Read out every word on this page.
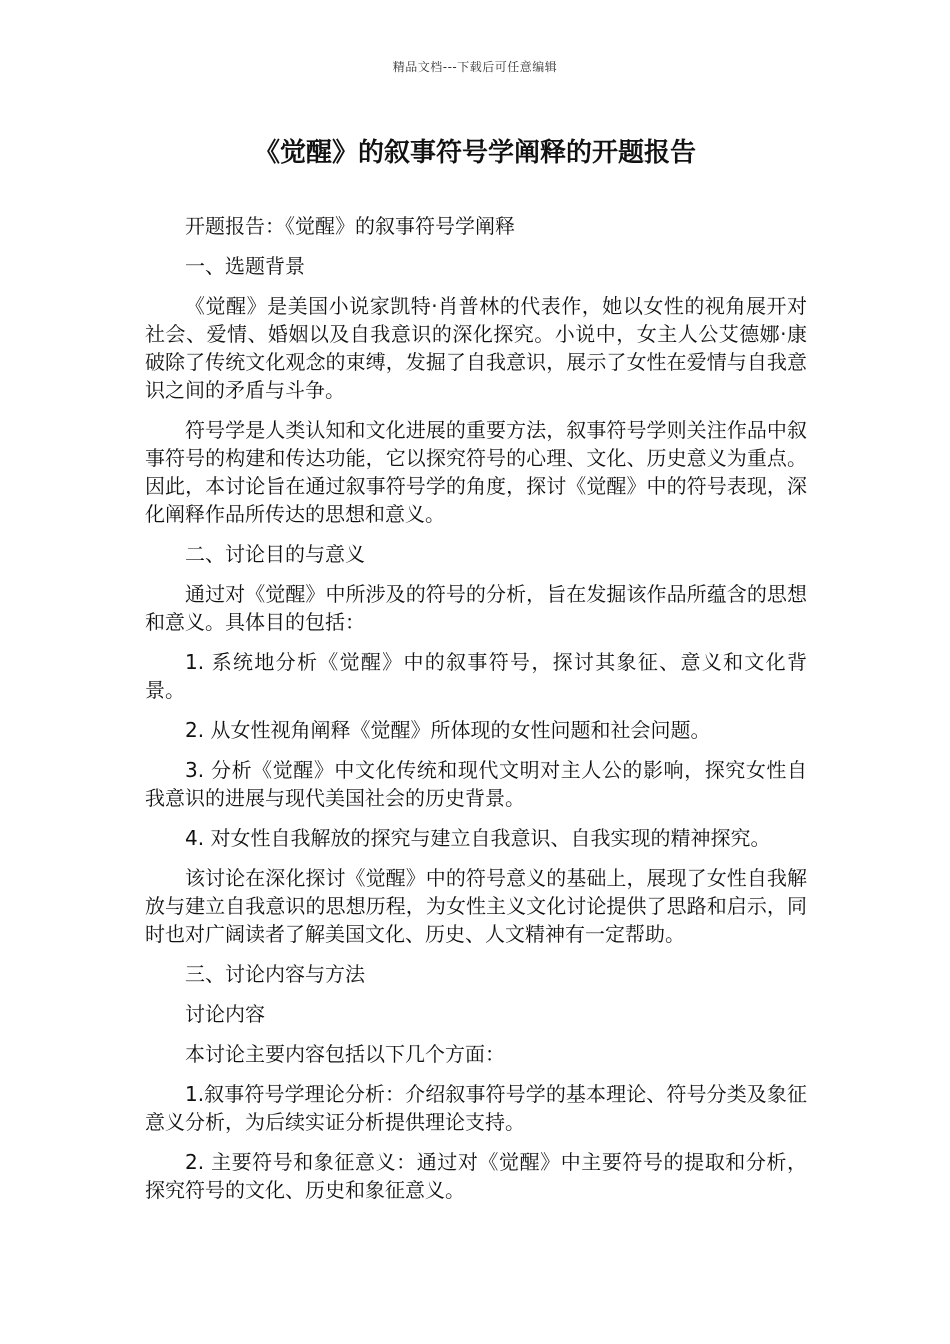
精品文档---下载后可任意编辑
《觉醒》的叙事符号学阐释的开题报告

开题报告：《觉醒》的叙事符号学阐释

一、选题背景

《觉醒》是美国小说家凯特·肖普林的代表作，她以女性的视角展开对社会、爱情、婚姻以及自我意识的深化探究。小说中，女主人公艾德娜·康破除了传统文化观念的束缚，发掘了自我意识，展示了女性在爱情与自我意识之间的矛盾与斗争。

符号学是人类认知和文化进展的重要方法，叙事符号学则关注作品中叙事符号的构建和传达功能，它以探究符号的心理、文化、历史意义为重点。因此，本讨论旨在通过叙事符号学的角度，探讨《觉醒》中的符号表现，深化阐释作品所传达的思想和意义。

二、讨论目的与意义

通过对《觉醒》中所涉及的符号的分析，旨在发掘该作品所蕴含的思想和意义。具体目的包括：

1. 系统地分析《觉醒》中的叙事符号，探讨其象征、意义和文化背景。

2. 从女性视角阐释《觉醒》所体现的女性问题和社会问题。

3. 分析《觉醒》中文化传统和现代文明对主人公的影响，探究女性自我意识的进展与现代美国社会的历史背景。

4. 对女性自我解放的探究与建立自我意识、自我实现的精神探究。

该讨论在深化探讨《觉醒》中的符号意义的基础上，展现了女性自我解放与建立自我意识的思想历程，为女性主义文化讨论提供了思路和启示，同时也对广阔读者了解美国文化、历史、人文精神有一定帮助。

三、讨论内容与方法

讨论内容

本讨论主要内容包括以下几个方面：

1.叙事符号学理论分析：介绍叙事符号学的基本理论、符号分类及象征意义分析，为后续实证分析提供理论支持。

2. 主要符号和象征意义：通过对《觉醒》中主要符号的提取和分析，探究符号的文化、历史和象征意义。
